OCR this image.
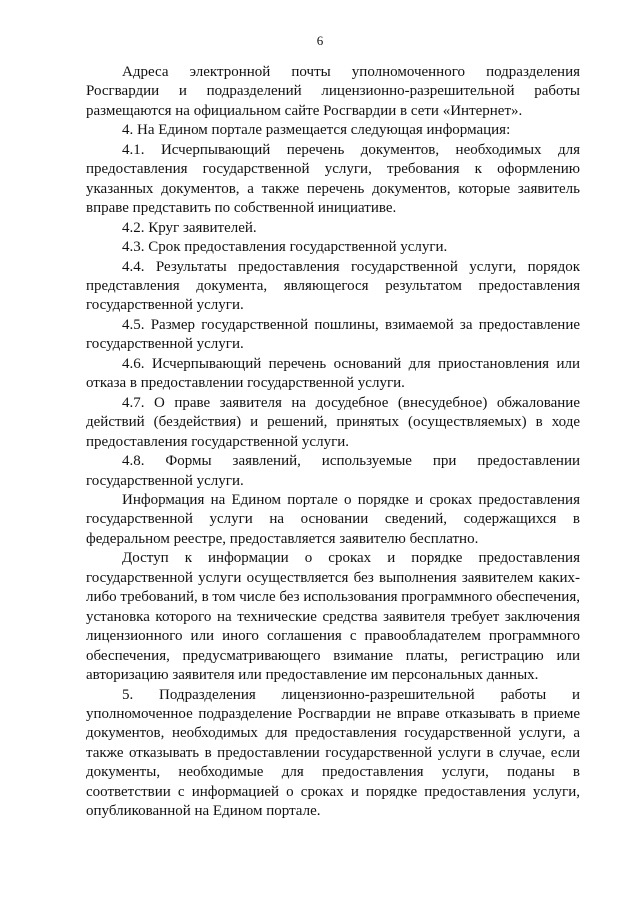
6

Адреса электронной почты уполномоченного подразделения Росгвардии и подразделений лицензионно-разрешительной работы размещаются на официальном сайте Росгвардии в сети «Интернет».

4. На Едином портале размещается следующая информация:

4.1. Исчерпывающий перечень документов, необходимых для предоставления государственной услуги, требования к оформлению указанных документов, а также перечень документов, которые заявитель вправе представить по собственной инициативе.

4.2. Круг заявителей.

4.3. Срок предоставления государственной услуги.

4.4. Результаты предоставления государственной услуги, порядок представления документа, являющегося результатом предоставления государственной услуги.

4.5. Размер государственной пошлины, взимаемой за предоставление государственной услуги.

4.6. Исчерпывающий перечень оснований для приостановления или отказа в предоставлении государственной услуги.

4.7. О праве заявителя на досудебное (внесудебное) обжалование действий (бездействия) и решений, принятых (осуществляемых) в ходе предоставления государственной услуги.

4.8. Формы заявлений, используемые при предоставлении государственной услуги.

Информация на Едином портале о порядке и сроках предоставления государственной услуги на основании сведений, содержащихся в федеральном реестре, предоставляется заявителю бесплатно.

Доступ к информации о сроках и порядке предоставления государственной услуги осуществляется без выполнения заявителем каких-либо требований, в том числе без использования программного обеспечения, установка которого на технические средства заявителя требует заключения лицензионного или иного соглашения с правообладателем программного обеспечения, предусматривающего взимание платы, регистрацию или авторизацию заявителя или предоставление им персональных данных.

5. Подразделения лицензионно-разрешительной работы и уполномоченное подразделение Росгвардии не вправе отказывать в приеме документов, необходимых для предоставления государственной услуги, а также отказывать в предоставлении государственной услуги в случае, если документы, необходимые для предоставления услуги, поданы в соответствии с информацией о сроках и порядке предоставления услуги, опубликованной на Едином портале.
